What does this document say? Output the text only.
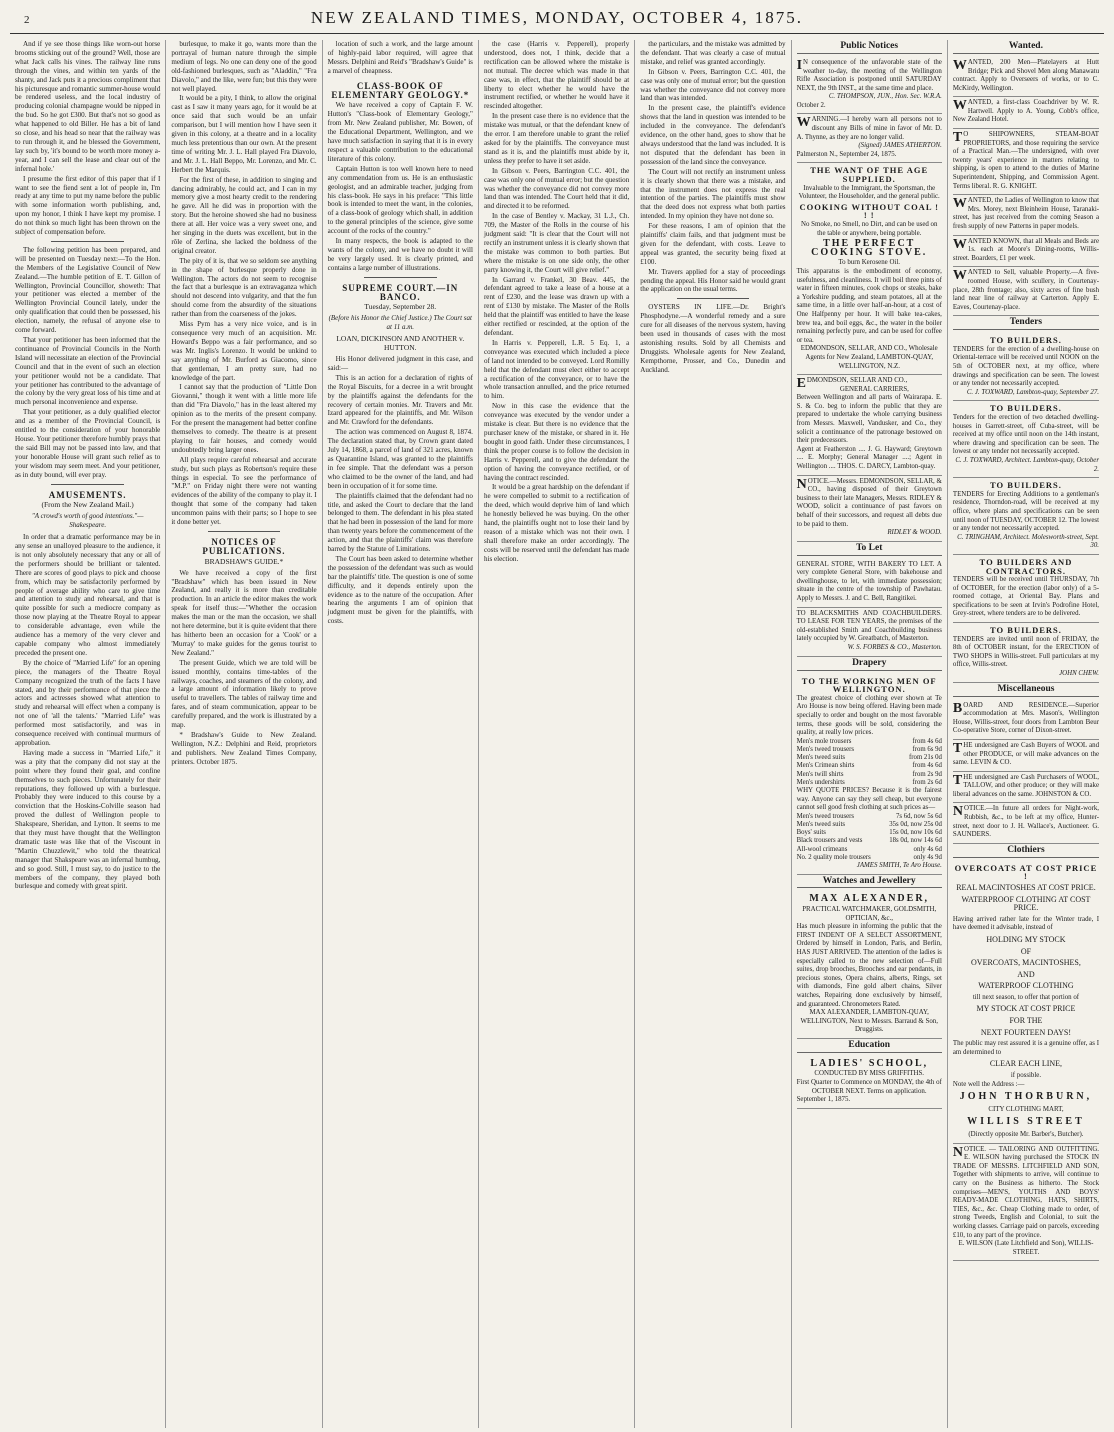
2	NEW ZEALAND TIMES, MONDAY, OCTOBER 4, 1875.

And if ye see those things like worn-out horse brooms sticking out of the ground? Well, those are what Jack calls his vines. The railway line runs through the vines, and within ten yards of the shanty, and Jack puts it a precious compliment that his picturesque and romantic summer-house would be rendered useless, and the local industry of producing colonial champagne would be nipped in the bud. So he got £300. But that's not so good as what happened to old Biller. He has a bit of land so close, and his head so near that the railway was to run through it, and he blessed the Government, lay such by, 'it's bound to be worth more money a-year, and I can sell the lease and clear out of the infernal hole.'

I presume the first editor of this paper that if I want to see the fiend sent a lot of people in, I'm ready at any time to put my name before the public with some information worth publishing, and, upon my honor, I think I have kept my promise. I do not think so much light has been thrown on the subject of compensation before.

The following petition has been prepared, and will be presented on Tuesday next:—To the Hon. the Members of the Legislative Council of New Zealand.—The humble petition of E. T. Gillon of Wellington, Provincial Councillor, showeth: That your petitioner was elected a member of the Wellington Provincial Council lately, under the only qualification that could then be possessed, his election, namely, the refusal of anyone else to come forward.

That your petitioner has been informed that the continuance of Provincial Councils in the North Island will necessitate an election of the Provincial Council and that in the event of such an election your petitioner would not be a candidate. That your petitioner has contributed to the advantage of the colony by the very great loss of his time and at much personal inconvenience and expense.

That your petitioner, as a duly qualified elector and as a member of the Provincial Council, is entitled to the consideration of your honorable House. Your petitioner therefore humbly prays that the said Bill may not be passed into law, and that your honorable House will grant such relief as to your wisdom may seem meet. And your petitioner, as in duty bound, will ever pray.

AMUSEMENTS.
(From the New Zealand Mail.)
"A crowd's worth of good intentions."—Shakespeare.

In order that a dramatic performance may be in any sense an unalloyed pleasure to the audience, it is not only absolutely necessary that any or all of the performers should be brilliant or talented. There are scores of good plays to pick and choose from, which may be satisfactorily performed by people of average ability who care to give time and attention to study and rehearsal, and that is quite possible for such a mediocre company as those now playing at the Theatre Royal to appear to considerable advantage, even while the audience has a memory of the very clever and capable company who almost immediately preceded the present one.

By the choice of "Married Life" for an opening piece, the managers of the Theatre Royal Company recognized the truth of the facts I have stated, and by their performance of that piece the actors and actresses showed what attention to study and rehearsal will effect when a company is not one of 'all the talents.' "Married Life" was performed most satisfactorily, and was in consequence received with continual murmurs of approbation.

Having made a success in "Married Life," it was a pity that the company did not stay at the point where they found their goal, and confine themselves to such pieces. Unfortunately for their reputations, they followed up with a burlesque. Probably they were induced to this course by a conviction that the Hoskins-Colville season had proved the dullest of Wellington people to Shakspeare, Sheridan, and Lytton. It seems to me that they must have thought that the Wellington dramatic taste was like that of the Viscount in "Martin Chuzzlewit," who told the theatrical manager that Shakspeare was an infernal humbug, and so good. Still, I must say, to do justice to the members of the company, they played both burlesque and comedy with great spirit.

burlesque, to make it go, wants more than the portrayal of human nature through the simple medium of legs. No one can deny one of the good old-fashioned burlesques, such as "Aladdin," "Fra Diavolo," and the like, were fun; but this they were not well played.

It would be a pity, I think, to allow the original cast as I saw it many years ago, for it would be at once said that such would be an unfair comparison, but I will mention how I have seen it given in this colony, at a theatre and in a locality much less pretentious than our own. At the present time of writing Mr. J. L. Hall played Fra Diavolo, and Mr. J. L. Hall Beppo, Mr. Lorenzo, and Mr. C. Herbert the Marquis.

For the first of these, in addition to singing and dancing admirably, he could act, and I can in my memory give a most hearty credit to the rendering he gave. All he did was in proportion with the story. But the heroine showed she had no business there at all. Her voice was a very sweet one, and her singing in the duets was excellent, but in the rôle of Zerlina, she lacked the boldness of the original creator.

The pity of it is, that we so seldom see anything in the shape of burlesque properly done in Wellington. The actors do not seem to recognise the fact that a burlesque is an extravaganza which should not descend into vulgarity, and that the fun should come from the absurdity of the situations rather than from the coarseness of the jokes.

Miss Pym has a very nice voice, and is in consequence very much of an acquisition. Mr. Howard's Beppo was a fair performance, and so was Mr. Inglis's Lorenzo. It would be unkind to say anything of Mr. Burford as Giacomo, since that gentleman, I am pretty sure, had no knowledge of the part.

I cannot say that the production of "Little Don Giovanni," though it went with a little more life than did "Fra Diavolo," has in the least altered my opinion as to the merits of the present company. For the present the management had better confine themselves to comedy. The theatre is at present playing to fair houses, and comedy would undoubtedly bring larger ones.

All plays require careful rehearsal and accurate study, but such plays as Robertson's require these things in especial. To see the performance of "M.P." on Friday night there were not wanting evidences of the ability of the company to play it. I thought that some of the company had taken uncommon pains with their parts; so I hope to see it done better yet.

NOTICES OF PUBLICATIONS.
BRADSHAW'S GUIDE.*

We have received a copy of the first "Bradshaw" which has been issued in New Zealand, and really it is more than creditable production. In an article the editor makes the work speak for itself thus:—"Whether the occasion makes the man or the man the occasion, we shall not here determine, but it is quite evident that there has hitherto been an occasion for a 'Cook' or a 'Murray' to make guides for the genus tourist to New Zealand."

The present Guide, which we are told will be issued monthly, contains time-tables of the railways, coaches, and steamers of the colony, and a large amount of information likely to prove useful to travellers. The tables of railway time and fares, and of steam communication, appear to be carefully prepared, and the work is illustrated by a map.

* Bradshaw's Guide to New Zealand. Wellington, N.Z.: Delphini and Reid, proprietors and publishers. New Zealand Times Company, printers. October 1875.

location of such a work, and the large amount of highly-paid labor required, will agree that Messrs. Delphini and Reid's "Bradshaw's Guide" is a marvel of cheapness.

CLASS-BOOK OF ELEMENTARY GEOLOGY.*

We have received a copy of Captain F. W. Hutton's "Class-book of Elementary Geology," from Mr. New Zealand publisher, Mr. Bowen, of the Educational Department, Wellington, and we have much satisfaction in saying that it is in every respect a valuable contribution to the educational literature of this colony.

Captain Hutton is too well known here to need any commendation from us. He is an enthusiastic geologist, and an admirable teacher, judging from his class-book. He says in his preface: "This little book is intended to meet the want, in the colonies, of a class-book of geology which shall, in addition to the general principles of the science, give some account of the rocks of the country."

In many respects, the book is adapted to the wants of the colony, and we have no doubt it will be very largely used. It is clearly printed, and contains a large number of illustrations.

SUPREME COURT.—IN BANCO.
Tuesday, September 28.
(Before his Honor the Chief Justice.) The Court sat at 11 a.m.
LOAN, DICKINSON AND ANOTHER v. HUTTON.

His Honor delivered judgment in this case, and said:—

This is an action for a declaration of rights of the Royal Biscuits, for a decree in a writ brought by the plaintiffs against the defendants for the recovery of certain monies. Mr. Travers and Mr. Izard appeared for the plaintiffs, and Mr. Wilson and Mr. Crawford for the defendants.

The action was commenced on August 8, 1874. The declaration stated that, by Crown grant dated July 14, 1868, a parcel of land of 321 acres, known as Quarantine Island, was granted to the plaintiffs in fee simple. That the defendant was a person who claimed to be the owner of the land, and had been in occupation of it for some time.

The plaintiffs claimed that the defendant had no title, and asked the Court to declare that the land belonged to them. The defendant in his plea stated that he had been in possession of the land for more than twenty years before the commencement of the action, and that the plaintiffs' claim was therefore barred by the Statute of Limitations.

The Court has been asked to determine whether the possession of the defendant was such as would bar the plaintiffs' title. The question is one of some difficulty, and it depends entirely upon the evidence as to the nature of the occupation. After hearing the arguments I am of opinion that judgment must be given for the plaintiffs, with costs.

the case (Harris v. Pepperell), properly understood, does not, I think, decide that a rectification can be allowed where the mistake is not mutual. The decree which was made in that case was, in effect, that the plaintiff should be at liberty to elect whether he would have the instrument rectified, or whether he would have it rescinded altogether.

In the present case there is no evidence that the mistake was mutual, or that the defendant knew of the error. I am therefore unable to grant the relief asked for by the plaintiffs. The conveyance must stand as it is, and the plaintiffs must abide by it, unless they prefer to have it set aside.

In Gibson v. Peers, Barrington C.C. 401, the case was only one of mutual error; but the question was whether the conveyance did not convey more land than was intended. The Court held that it did, and directed it to be reformed.

In the case of Bentley v. Mackay, 31 L.J., Ch. 709, the Master of the Rolls in the course of his judgment said: "It is clear that the Court will not rectify an instrument unless it is clearly shown that the mistake was common to both parties. But where the mistake is on one side only, the other party knowing it, the Court will give relief."

In Garrard v. Frankel, 30 Beav. 445, the defendant agreed to take a lease of a house at a rent of £230, and the lease was drawn up with a rent of £130 by mistake. The Master of the Rolls held that the plaintiff was entitled to have the lease either rectified or rescinded, at the option of the defendant.

In Harris v. Pepperell, L.R. 5 Eq. 1, a conveyance was executed which included a piece of land not intended to be conveyed. Lord Romilly held that the defendant must elect either to accept a rectification of the conveyance, or to have the whole transaction annulled, and the price returned to him.

Now in this case the evidence that the conveyance was executed by the vendor under a mistake is clear. But there is no evidence that the purchaser knew of the mistake, or shared in it. He bought in good faith. Under these circumstances, I think the proper course is to follow the decision in Harris v. Pepperell, and to give the defendant the option of having the conveyance rectified, or of having the contract rescinded.

It would be a great hardship on the defendant if he were compelled to submit to a rectification of the deed, which would deprive him of land which he honestly believed he was buying. On the other hand, the plaintiffs ought not to lose their land by reason of a mistake which was not their own. I shall therefore make an order accordingly. The costs will be reserved until the defendant has made his election.

the particulars, and the mistake was admitted by the defendant. That was clearly a case of mutual mistake, and relief was granted accordingly.

In Gibson v. Peers, Barrington C.C. 401, the case was only one of mutual error; but the question was whether the conveyance did not convey more land than was intended.

In the present case, the plaintiff's evidence shows that the land in question was intended to be included in the conveyance. The defendant's evidence, on the other hand, goes to show that he always understood that the land was included. It is not disputed that the defendant has been in possession of the land since the conveyance.

The Court will not rectify an instrument unless it is clearly shown that there was a mistake, and that the instrument does not express the real intention of the parties. The plaintiffs must show that the deed does not express what both parties intended. In my opinion they have not done so.

For these reasons, I am of opinion that the plaintiffs' claim fails, and that judgment must be given for the defendant, with costs. Leave to appeal was granted, the security being fixed at £100.

Mr. Travers applied for a stay of proceedings pending the appeal. His Honor said he would grant the application on the usual terms.

OYSTERS IN LIFE.—Dr. Bright's Phosphodyne.—A wonderful remedy and a sure cure for all diseases of the nervous system, having been used in thousands of cases with the most astonishing results. Sold by all Chemists and Druggists. Wholesale agents for New Zealand, Kempthorne, Prosser, and Co., Dunedin and Auckland.

Public Notices

I N consequence of the unfavorable state of the weather to-day, the meeting of the Wellington Rifle Association is postponed until SATURDAY NEXT, the 9th INST., at the same time and place.

C. THOMPSON, JUN., Hon. Sec. W.R.A.

October 2.

WARNING.—I hereby warn all persons not to discount any Bills of mine in favor of Mr. D. A. Thynne, as they are no longer valid.

(Signed) JAMES ATHERTON.

Palmerston N., September 24, 1875.

THE WANT OF THE AGE SUPPLIED.

Invaluable to the Immigrant, the Sportsman, the Volunteer, the Householder, and the general public.

COOKING WITHOUT COAL ! ! !

No Smoke, no Smell, no Dirt, and can be used on the table or anywhere, being portable.

THE PERFECT COOKING STOVE.

To burn Kerosene Oil.

This apparatus is the embodiment of economy, usefulness, and cleanliness. It will boil three pints of water in fifteen minutes, cook chops or steaks, bake a Yorkshire pudding, and steam potatoes, all at the same time, in a little over half-an-hour, at a cost of One Halfpenny per hour. It will bake tea-cakes, brew tea, and boil eggs, &c., the water in the boiler remaining perfectly pure, and can be used for coffee or tea.

EDMONDSON, SELLAR, AND CO., Wholesale Agents for New Zealand, LAMBTON-QUAY, WELLINGTON, N.Z.

EDMONDSON, SELLAR AND CO.,

GENERAL CARRIERS,

Between Wellington and all parts of Wairarapa. E. S. & Co. beg to inform the public that they are prepared to undertake the whole carrying business from Messrs. Maxwell, Vandusker, and Co., they solicit a continuance of the patronage bestowed on their predecessors.

Agent at Featherston .... J. G. Hayward; Greytown .... E. Morphy; General Manager ....; Agent in Wellington .... THOS. C. DARCY, Lambton-quay.

NOTICE.—Messrs. EDMONDSON, SELLAR, & CO., having disposed of their Greytown business to their late Managers, Messrs. RIDLEY & WOOD, solicit a continuance of past favors on behalf of their successors, and request all debts due to be paid to them.

RIDLEY & WOOD.

To Let

GENERAL STORE, WITH BAKERY TO LET. A very complete General Store, with bakehouse and dwellinghouse, to let, with immediate possession; situate in the centre of the township of Pawhatau. Apply to Messrs. J. and C. Bell, Rangitikei.

TO BLACKSMITHS AND COACHBUILDERS. TO LEASE FOR TEN YEARS, the premises of the old-established Smith and Coachbuilding business lately occupied by W. Greatbatch, of Masterton.

W. S. FORBES & CO., Masterton.

Drapery
TO THE WORKING MEN OF WELLINGTON.

The greatest choice of clothing ever shown at Te Aro House is now being offered. Having been made specially to order and bought on the most favorable terms, these goods will be sold, considering the quality, at really low prices.

Men's mole trousers	from 4s 6d
Men's tweed trousers	from 6s 9d
Men's tweed suits	from 21s 0d
Men's Crimean shirts	from 4s 6d
Men's twill shirts	from 2s 9d
Men's undershirts	from 2s 6d

WHY QUOTE PRICES? Because it is the fairest way. Anyone can say they sell cheap, but everyone cannot sell good fresh clothing at such prices as—

Men's tweed trousers	7s 6d, now 5s 6d
Men's tweed suits	35s 0d, now 25s 0d
Boys' suits	15s 0d, now 10s 6d
Black trousers and vests	18s 0d, now 14s 6d
All-wool crimeans	only 4s 6d
No. 2 quality mole trousers	only 4s 9d

JAMES SMITH, Te Aro House.

Watches and Jewellery
MAX ALEXANDER,

PRACTICAL WATCHMAKER, GOLDSMITH, OPTICIAN, &c.,

Has much pleasure in informing the public that the FIRST INDENT OF A SELECT ASSORTMENT, Ordered by himself in London, Paris, and Berlin, HAS JUST ARRIVED. The attention of the ladies is especially called to the new selection of—Full suites, drop brooches, Brooches and ear pendants, in precious stones, Opera chains, alberts, Rings, set with diamonds, Fine gold albert chains, Silver watches, Repairing done exclusively by himself, and guaranteed. Chronometers Rated.

MAX ALEXANDER, LAMBTON-QUAY, WELLINGTON, Next to Messrs. Barraud & Son, Druggists.

Education
LADIES' SCHOOL,

CONDUCTED BY MISS GRIFFITHS.

First Quarter to Commence on MONDAY, the 4th of OCTOBER NEXT. Terms on application.

September 1, 1875.

Wanted.

WANTED, 200 Men—Platelayers at Hutt Bridge; Pick and Shovel Men along Manawatu contract. Apply to Overseers of works, or to C. McKirdy, Wellington.

WANTED, a first-class Coachdriver by W. R. Hartwell. Apply to A. Young, Cobb's office, New Zealand Hotel.

T O SHIPOWNERS, STEAM-BOAT PROPRIETORS, and those requiring the service of a Practical Man.—The undersigned, with over twenty years' experience in matters relating to shipping, is open to attend to the duties of Marine Superintendent, Shipping, and Commission Agent. Terms liberal. R. G. KNIGHT.

WANTED, the Ladies of Wellington to know that Mrs. Morey, next Bleinheim House, Taranaki-street, has just received from the coming Season a fresh supply of new Patterns in paper models.

WANTED KNOWN, that all Meals and Beds are 1s. each at Moore's Dining-rooms, Willis-street. Boarders, £1 per week.

WANTED to Sell, valuable Property.—A five-roomed House, with scullery, in Courtenay-place, 28th frontage; also, sixty acres of fine bush land near line of railway at Carterton. Apply E. Eaves, Courtenay-place.

Tenders
TO BUILDERS.

TENDERS for the erection of a dwelling-house on Oriental-terrace will be received until NOON on the 5th of OCTOBER next, at my office, where drawings and specification can be seen. The lowest or any tender not necessarily accepted.

C. J. TOXWARD, Lambton-quay, September 27.

TO BUILDERS.

Tenders for the erection of two detached dwelling-houses in Garrett-street, off Cuba-street, will be received at my office until noon on the 14th instant, where drawing and specification can be seen. The lowest or any tender not necessarily accepted.

C. J. TOXWARD, Architect. Lambton-quay, October 2.

TO BUILDERS.

TENDERS for Erecting Additions to a gentleman's residence, Thorndon-road, will be received at my office, where plans and specifications can be seen until noon of TUESDAY, OCTOBER 12. The lowest or any tender not necessarily accepted.

C. TRINGHAM, Architect. Molesworth-street, Sept. 30.

TO BUILDERS AND CONTRACTORS.

TENDERS will be received until THURSDAY, 7th of OCTOBER, for the erection (labor only) of a 5-roomed cottage, at Oriental Bay. Plans and specifications to be seen at Irvin's Podrofine Hotel, Grey-street, where tenders are to be delivered.

TO BUILDERS.

TENDERS are invited until noon of FRIDAY, the 8th of OCTOBER instant, for the ERECTION of TWO SHOPS in Willis-street. Full particulars at my office, Willis-street.

JOHN CHEW.

Miscellaneous

BOARD AND RESIDENCE.—Superior accommodation at Mrs. Mason's, Wellington House, Willis-street, four doors from Lambton Beur Co-operative Store, corner of Dixon-street.

THE undersigned are Cash Buyers of WOOL and other PRODUCE, or will make advances on the same. LEVIN & CO.

THE undersigned are Cash Purchasers of WOOL, TALLOW, and other produce; or they will make liberal advances on the same. JOHNSTON & CO.

NOTICE.—In future all orders for Night-work, Rubbish, &c., to be left at my office, Hunter-street, next door to J. H. Wallace's, Auctioneer. G. SAUNDERS.

Clothiers
OVERCOATS AT COST PRICE !
REAL MACINTOSHES AT COST PRICE.
WATERPROOF CLOTHING AT COST PRICE.

Having arrived rather late for the Winter trade, I have deemed it advisable, instead of

HOLDING MY STOCK
OF
OVERCOATS, MACINTOSHES,
AND
WATERPROOF CLOTHING

till next season, to offer that portion of

MY STOCK AT COST PRICE
FOR THE
NEXT FOURTEEN DAYS!

The public may rest assured it is a genuine offer, as I am determined to

CLEAR EACH LINE,

if possible.

Note well the Address :—

JOHN THORBURN,

CITY CLOTHING MART,

WILLIS STREET

(Directly opposite Mr. Barber's, Butcher).

NOTICE. — TAILORING AND OUTFITTING. E. WILSON having purchased the STOCK IN TRADE OF MESSRS. LITCHFIELD AND SON, Together with shipments to arrive, will continue to carry on the Business as hitherto. The Stock comprises—MEN'S, YOUTHS AND BOYS' READY-MADE CLOTHING, HATS, SHIRTS, TIES, &c., &c. Cheap Clothing made to order, of strong Tweeds, English and Colonial, to suit the working classes. Carriage paid on parcels, exceeding £10, to any part of the province.

E. WILSON (Late Litchfield and Son), WILLIS-STREET.
